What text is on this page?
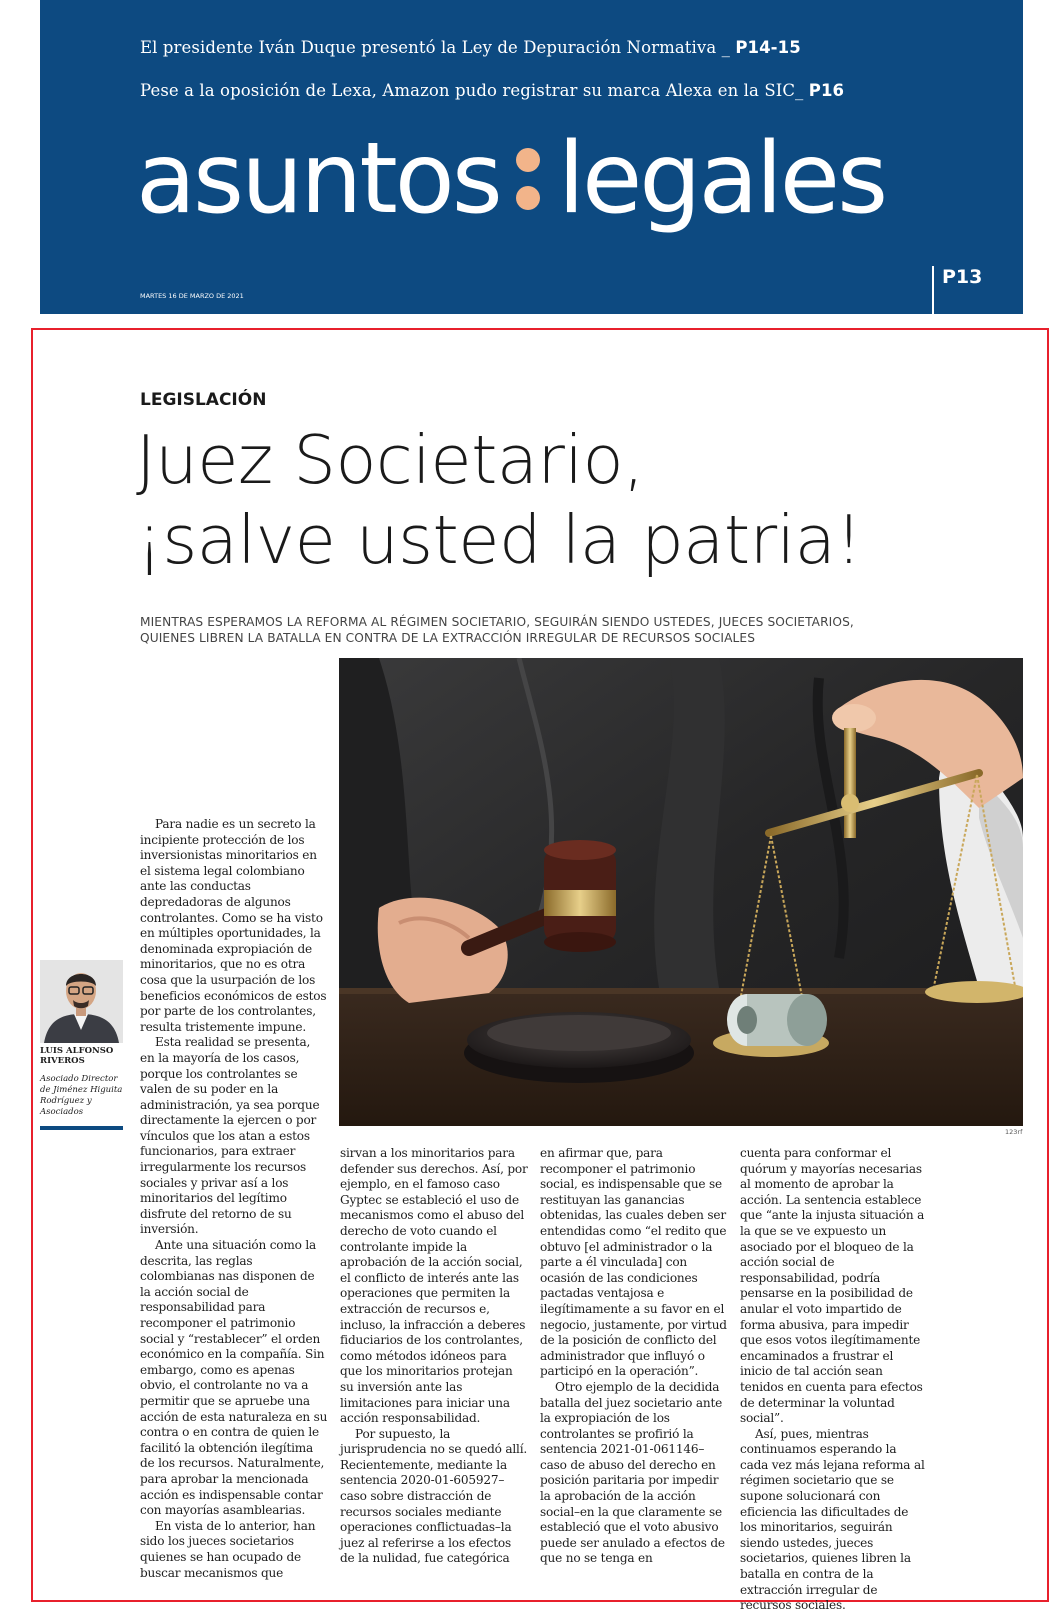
El presidente Iván Duque presentó la Ley de Depuración Normativa _ P14-15
Pese a la oposición de Lexa, Amazon pudo registrar su marca Alexa en la SIC_ P16
asuntos legales
MARTES 16 DE MARZO DE 2021
P13
LEGISLACIÓN
Juez Societario,
¡salve usted la patria!
MIENTRAS ESPERAMOS LA REFORMA AL RÉGIMEN SOCIETARIO, SEGUIRÁN SIENDO USTEDES, JUECES SOCIETARIOS,
QUIENES LIBREN LA BATALLA EN CONTRA DE LA EXTRACCIÓN IRREGULAR DE RECURSOS SOCIALES
123rf
LUIS ALFONSO RIVEROS
Asociado Director de Jiménez Higuita Rodríguez y Asociados

Para nadie es un secreto la incipiente protección de los inversionistas minoritarios en el sistema legal colombiano ante las conductas depredadoras de algunos controlantes. Como se ha visto en múltiples oportunidades, la denominada expropiación de minoritarios, que no es otra cosa que la usurpación de los beneficios económicos de estos por parte de los controlantes, resulta tristemente impune.

Esta realidad se presenta, en la mayoría de los casos, porque los controlantes se valen de su poder en la administración, ya sea porque directamente la ejercen o por vínculos que los atan a estos funcionarios, para extraer irregularmente los recursos sociales y privar así a los minoritarios del legítimo disfrute del retorno de su inversión.

Ante una situación como la descrita, las reglas colombianas nas disponen de la acción social de responsabilidad para recomponer el patrimonio social y “restablecer” el orden económico en la compañía. Sin embargo, como es apenas obvio, el controlante no va a permitir que se apruebe una acción de esta naturaleza en su contra o en contra de quien le facilitó la obtención ilegítima de los recursos. Naturalmente, para aprobar la mencionada acción es indispensable contar con mayorías asamblearias.

En vista de lo anterior, han sido los jueces societarios quienes se han ocupado de buscar mecanismos que

sirvan a los minoritarios para defender sus derechos. Así, por ejemplo, en el famoso caso Gyptec se estableció el uso de mecanismos como el abuso del derecho de voto cuando el controlante impide la aprobación de la acción social, el conflicto de interés ante las operaciones que permiten la extracción de recursos e, incluso, la infracción a deberes fiduciarios de los controlantes, como métodos idóneos para que los minoritarios protejan su inversión ante las limitaciones para iniciar una acción responsabilidad.

Por supuesto, la jurisprudencia no se quedó allí. Recientemente, mediante la sentencia 2020-01-605927– caso sobre distracción de recursos sociales mediante operaciones conflictuadas–la juez al referirse a los efectos de la nulidad, fue categórica

en afirmar que, para recomponer el patrimonio social, es indispensable que se restituyan las ganancias obtenidas, las cuales deben ser entendidas como “el redito que obtuvo [el administrador o la parte a él vinculada] con ocasión de las condiciones pactadas ventajosa e ilegítimamente a su favor en el negocio, justamente, por virtud de la posición de conflicto del administrador que influyó o participó en la operación”.

Otro ejemplo de la decidida batalla del juez societario ante la expropiación de los controlantes se profirió la sentencia 2021-01-061146– caso de abuso del derecho en posición paritaria por impedir la aprobación de la acción social–en la que claramente se estableció que el voto abusivo puede ser anulado a efectos de que no se tenga en

cuenta para conformar el quórum y mayorías necesarias al momento de aprobar la acción. La sentencia establece que “ante la injusta situación a la que se ve expuesto un asociado por el bloqueo de la acción social de responsabilidad, podría pensarse en la posibilidad de anular el voto impartido de forma abusiva, para impedir que esos votos ilegítimamente encaminados a frustrar el inicio de tal acción sean tenidos en cuenta para efectos de determinar la voluntad social”.

Así, pues, mientras continuamos esperando la cada vez más lejana reforma al régimen societario que se supone solucionará con eficiencia las dificultades de los minoritarios, seguirán siendo ustedes, jueces societarios, quienes libren la batalla en contra de la extracción irregular de recursos sociales.
